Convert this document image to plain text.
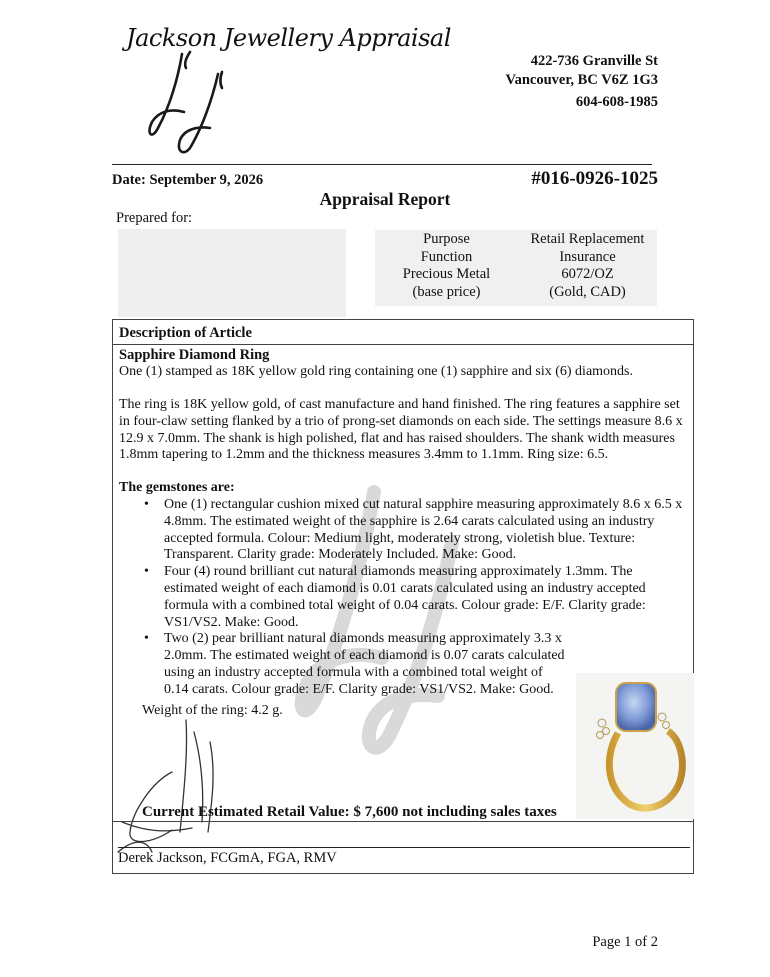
Jackson Jewellery Appraisal
422-736 Granville St
Vancouver, BC V6Z 1G3
604-608-1985
Date: September 9, 2026	#016-0926-1025
Appraisal Report
Prepared for:
Purpose
Function
Precious Metal
(base price)
Retail Replacement
Insurance
6072/OZ
(Gold, CAD)
Description of Article
Sapphire Diamond Ring
One (1) stamped as 18K yellow gold ring containing one (1) sapphire and six (6) diamonds.
The ring is 18K yellow gold, of cast manufacture and hand finished. The ring features a sapphire set in four-claw setting flanked by a trio of prong-set diamonds on each side. The settings measure 8.6 x 12.9 x 7.0mm. The shank is high polished, flat and has raised shoulders. The shank width measures 1.8mm tapering to 1.2mm and the thickness measures 3.4mm to 1.1mm. Ring size: 6.5.
The gemstones are:
• One (1) rectangular cushion mixed cut natural sapphire measuring approximately 8.6 x 6.5 x 4.8mm. The estimated weight of the sapphire is 2.64 carats calculated using an industry accepted formula. Colour: Medium light, moderately strong, violetish blue. Texture: Transparent. Clarity grade: Moderately Included. Make: Good.
• Four (4) round brilliant cut natural diamonds measuring approximately 1.3mm. The estimated weight of each diamond is 0.01 carats calculated using an industry accepted formula with a combined total weight of 0.04 carats. Colour grade: E/F. Clarity grade: VS1/VS2. Make: Good.
• Two (2) pear brilliant natural diamonds measuring approximately 3.3 x 2.0mm. The estimated weight of each diamond is 0.07 carats calculated using an industry accepted formula with a combined total weight of 0.14 carats. Colour grade: E/F. Clarity grade: VS1/VS2. Make: Good.
Weight of the ring: 4.2 g.
Current Estimated Retail Value: $ 7,600 not including sales taxes
Derek Jackson, FCGmA, FGA, RMV
Page 1 of 2
